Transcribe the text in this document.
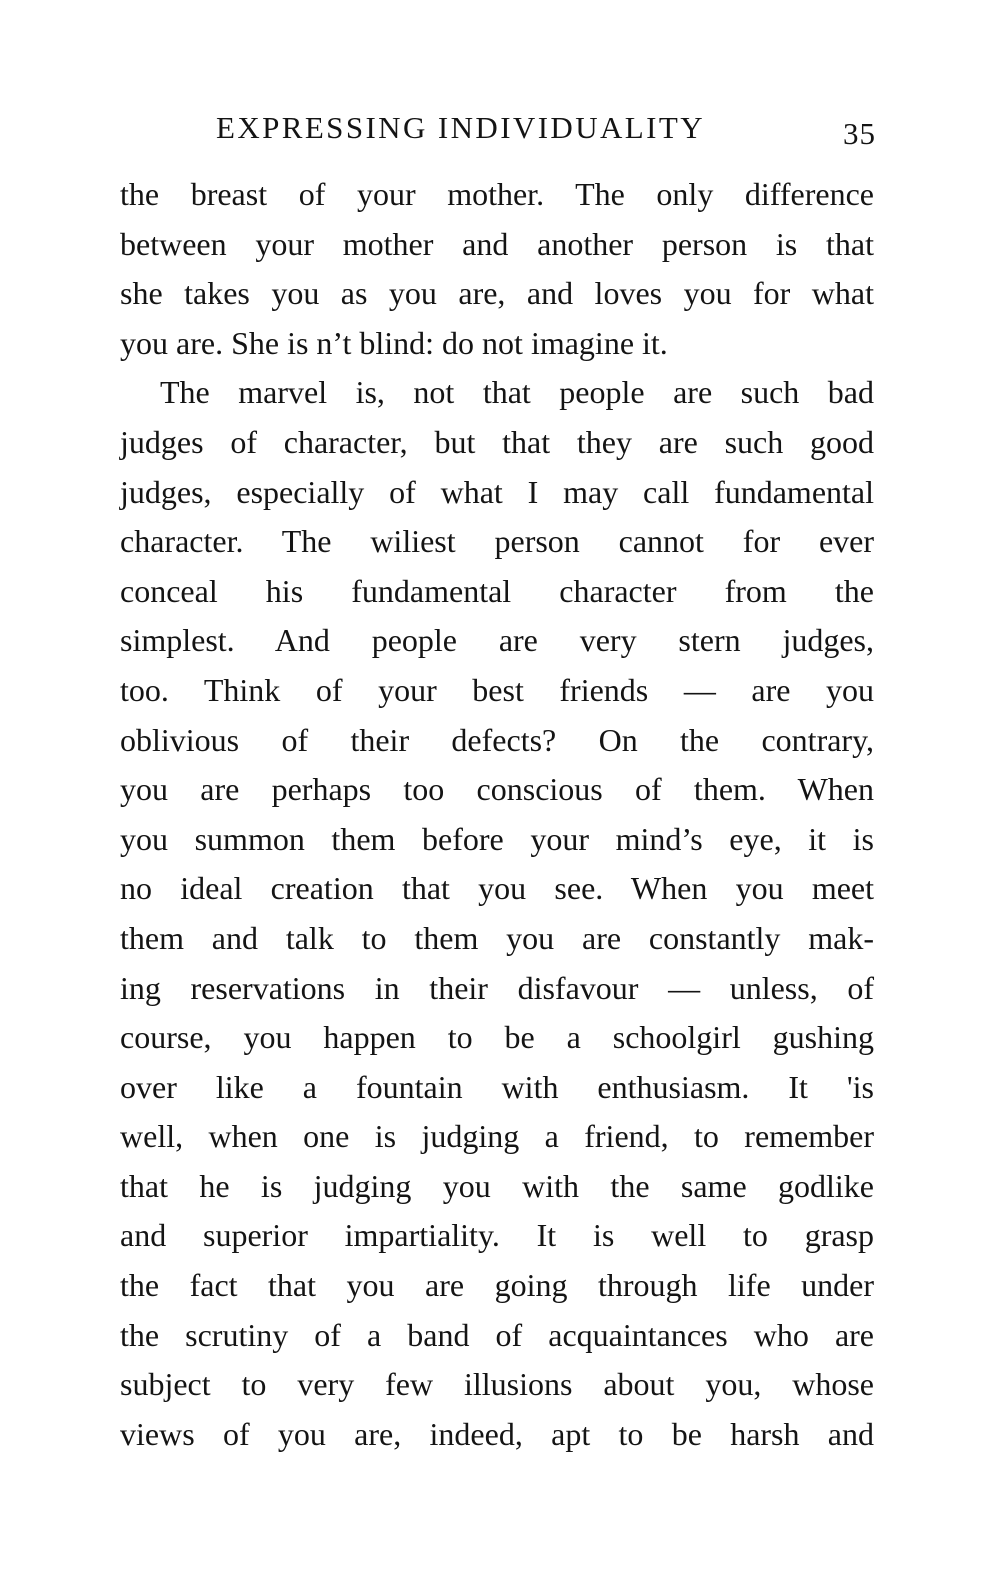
EXPRESSING INDIVIDUALITY	35
the breast of your mother. The only difference
between your mother and another person is that
she takes you as you are, and loves you for what
you are. She is n’t blind: do not imagine it.
The marvel is, not that people are such bad
judges of character, but that they are such good
judges, especially of what I may call fundamental
character. The wiliest person cannot for ever
conceal his fundamental character from the
simplest. And people are very stern judges,
too. Think of your best friends — are you
oblivious of their defects? On the contrary,
you are perhaps too conscious of them. When
you summon them before your mind’s eye, it is
no ideal creation that you see. When you meet
them and talk to them you are constantly mak-
ing reservations in their disfavour — unless, of
course, you happen to be a schoolgirl gushing
over like a fountain with enthusiasm. It 'is
well, when one is judging a friend, to remember
that he is judging you with the same godlike
and superior impartiality. It is well to grasp
the fact that you are going through life under
the scrutiny of a band of acquaintances who are
subject to very few illusions about you, whose
views of you are, indeed, apt to be harsh and
